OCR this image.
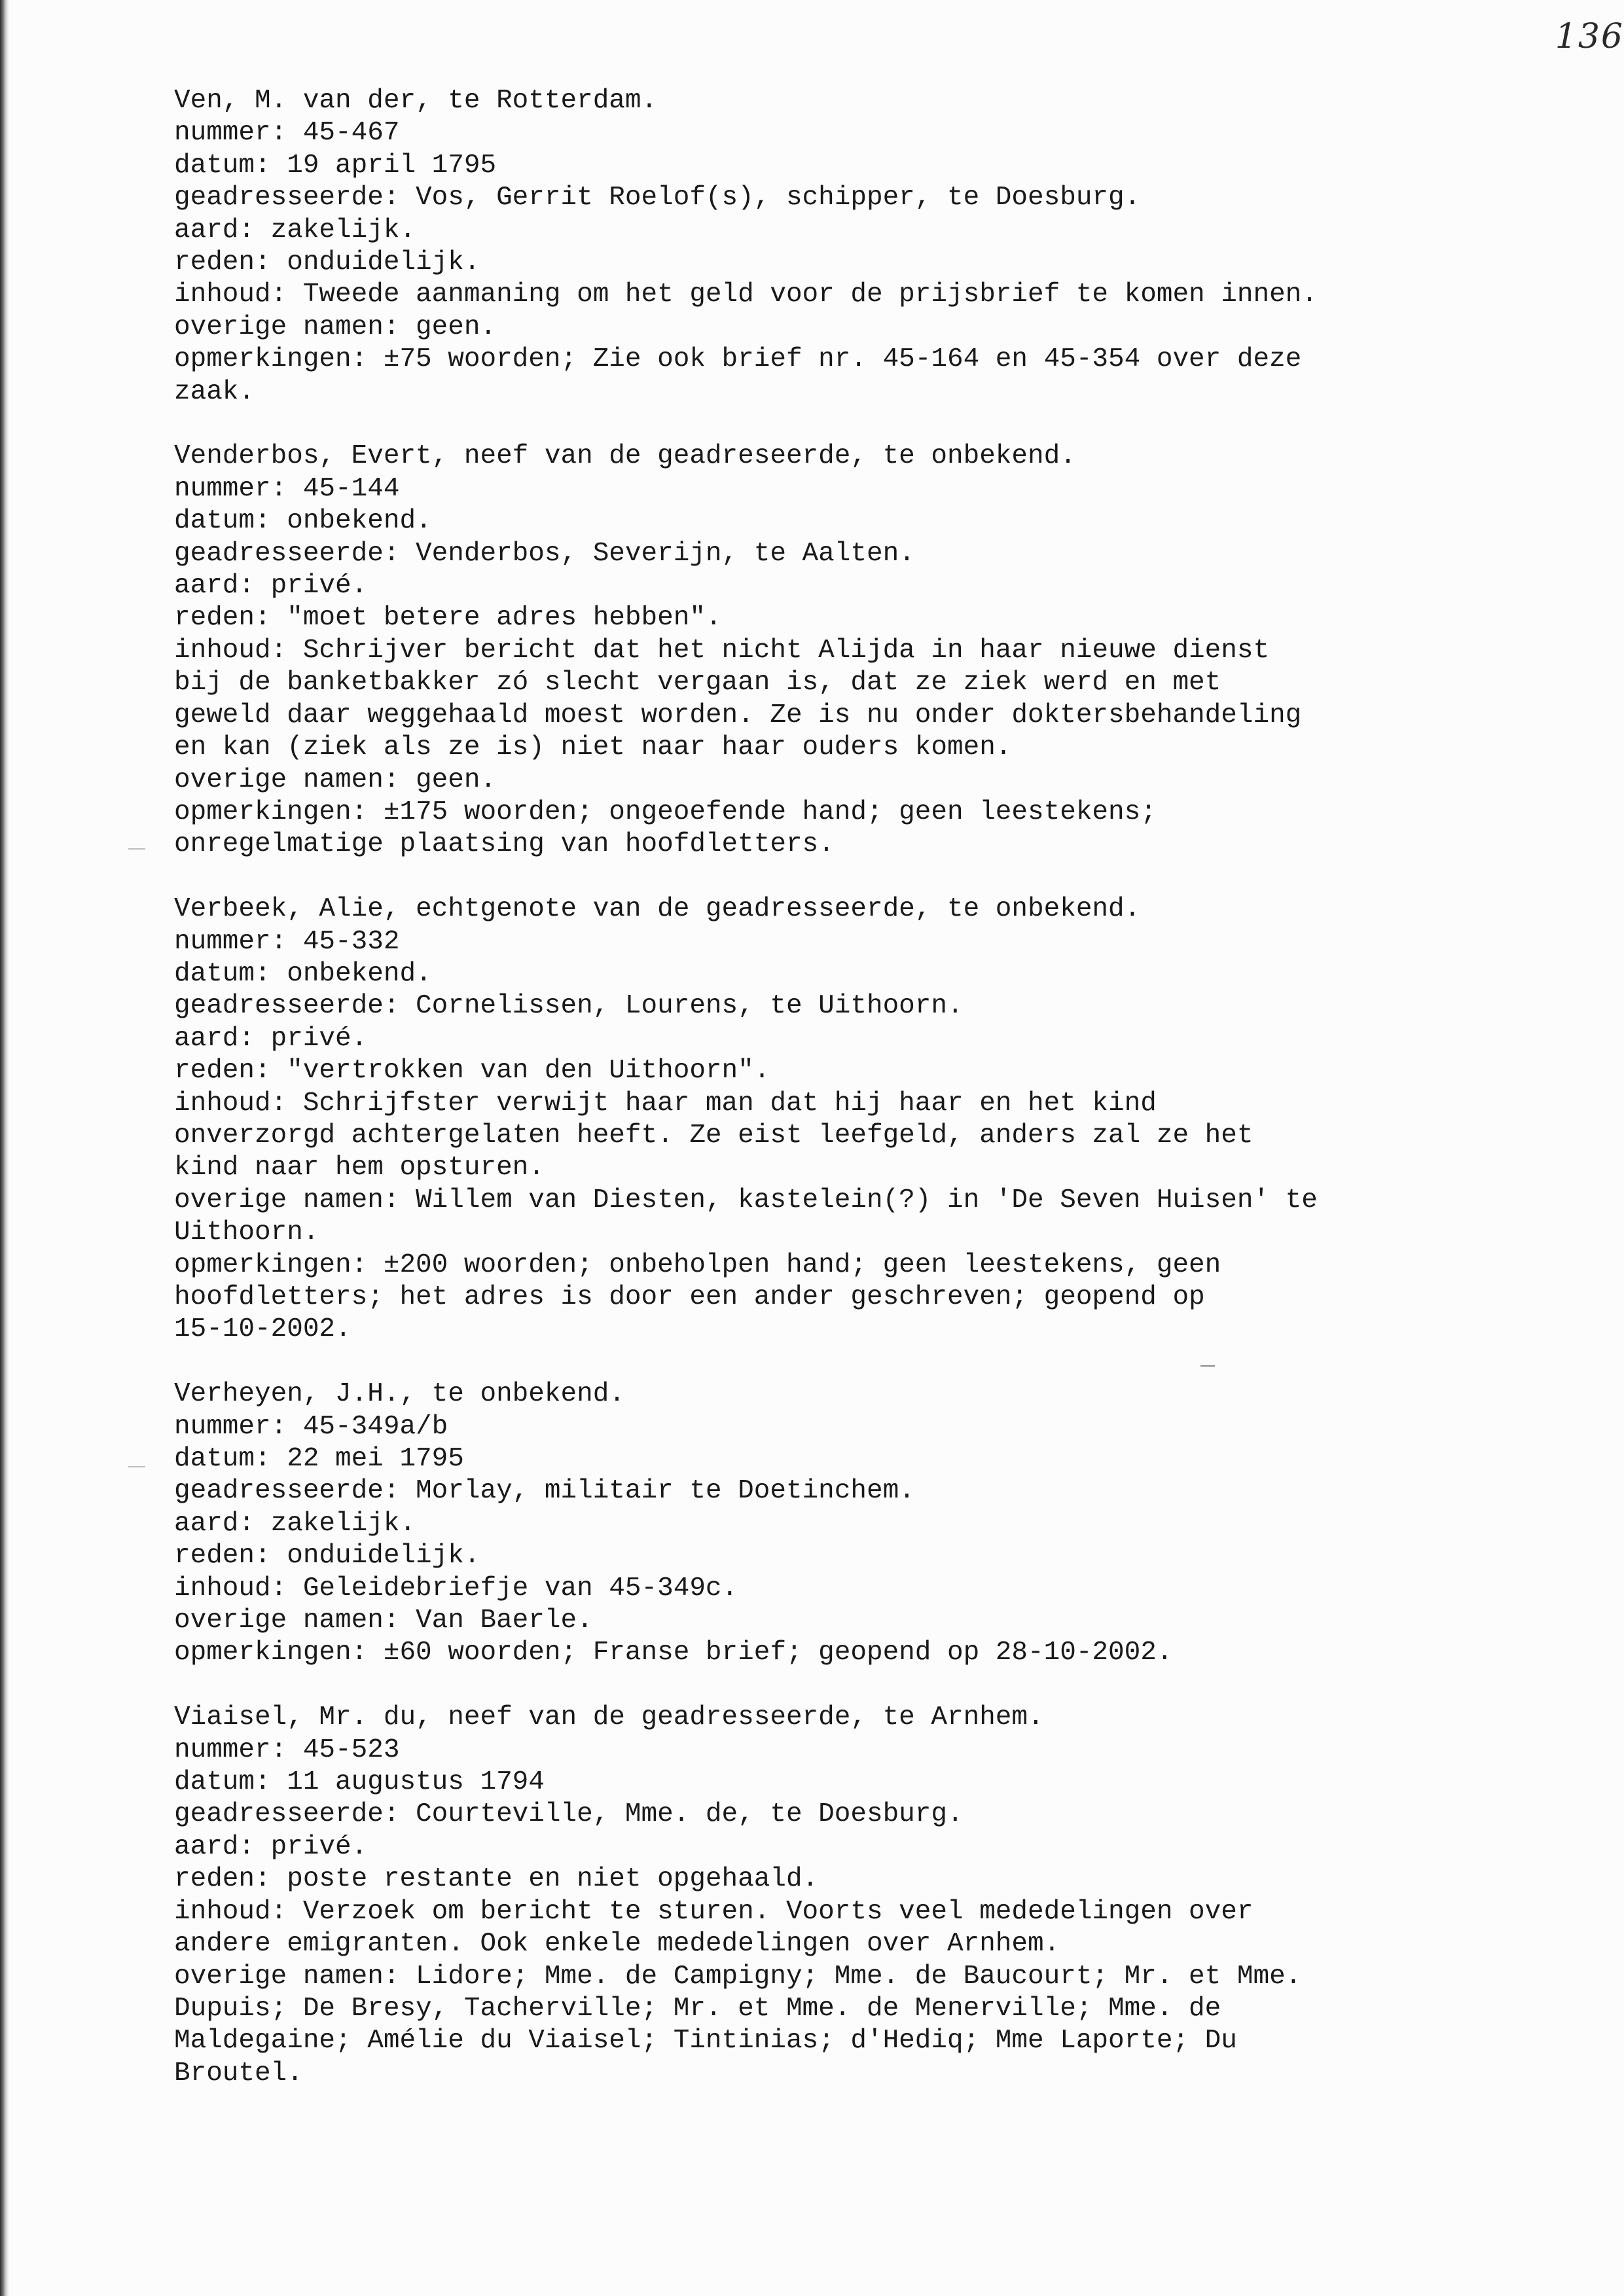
136
Ven, M. van der, te Rotterdam.
nummer: 45-467
datum: 19 april 1795
geadresseerde: Vos, Gerrit Roelof(s), schipper, te Doesburg.
aard: zakelijk.
reden: onduidelijk.
inhoud: Tweede aanmaning om het geld voor de prijsbrief te komen innen.
overige namen: geen.
opmerkingen: ±75 woorden; Zie ook brief nr. 45-164 en 45-354 over deze
zaak.
Venderbos, Evert, neef van de geadreseerde, te onbekend.
nummer: 45-144
datum: onbekend.
geadresseerde: Venderbos, Severijn, te Aalten.
aard: privé.
reden: "moet betere adres hebben".
inhoud: Schrijver bericht dat het nicht Alijda in haar nieuwe dienst
bij de banketbakker zó slecht vergaan is, dat ze ziek werd en met
geweld daar weggehaald moest worden. Ze is nu onder doktersbehandeling
en kan (ziek als ze is) niet naar haar ouders komen.
overige namen: geen.
opmerkingen: ±175 woorden; ongeoefende hand; geen leestekens;
onregelmatige plaatsing van hoofdletters.
Verbeek, Alie, echtgenote van de geadresseerde, te onbekend.
nummer: 45-332
datum: onbekend.
geadresseerde: Cornelissen, Lourens, te Uithoorn.
aard: privé.
reden: "vertrokken van den Uithoorn".
inhoud: Schrijfster verwijt haar man dat hij haar en het kind
onverzorgd achtergelaten heeft. Ze eist leefgeld, anders zal ze het
kind naar hem opsturen.
overige namen: Willem van Diesten, kastelein(?) in 'De Seven Huisen' te
Uithoorn.
opmerkingen: ±200 woorden; onbeholpen hand; geen leestekens, geen
hoofdletters; het adres is door een ander geschreven; geopend op
15-10-2002.
Verheyen, J.H., te onbekend.
nummer: 45-349a/b
datum: 22 mei 1795
geadresseerde: Morlay, militair te Doetinchem.
aard: zakelijk.
reden: onduidelijk.
inhoud: Geleidebriefje van 45-349c.
overige namen: Van Baerle.
opmerkingen: ±60 woorden; Franse brief; geopend op 28-10-2002.
Viaisel, Mr. du, neef van de geadresseerde, te Arnhem.
nummer: 45-523
datum: 11 augustus 1794
geadresseerde: Courteville, Mme. de, te Doesburg.
aard: privé.
reden: poste restante en niet opgehaald.
inhoud: Verzoek om bericht te sturen. Voorts veel mededelingen over
andere emigranten. Ook enkele mededelingen over Arnhem.
overige namen: Lidore; Mme. de Campigny; Mme. de Baucourt; Mr. et Mme.
Dupuis; De Bresy, Tacherville; Mr. et Mme. de Menerville; Mme. de
Maldegaine; Amélie du Viaisel; Tintinias; d'Hediq; Mme Laporte; Du
Broutel.
